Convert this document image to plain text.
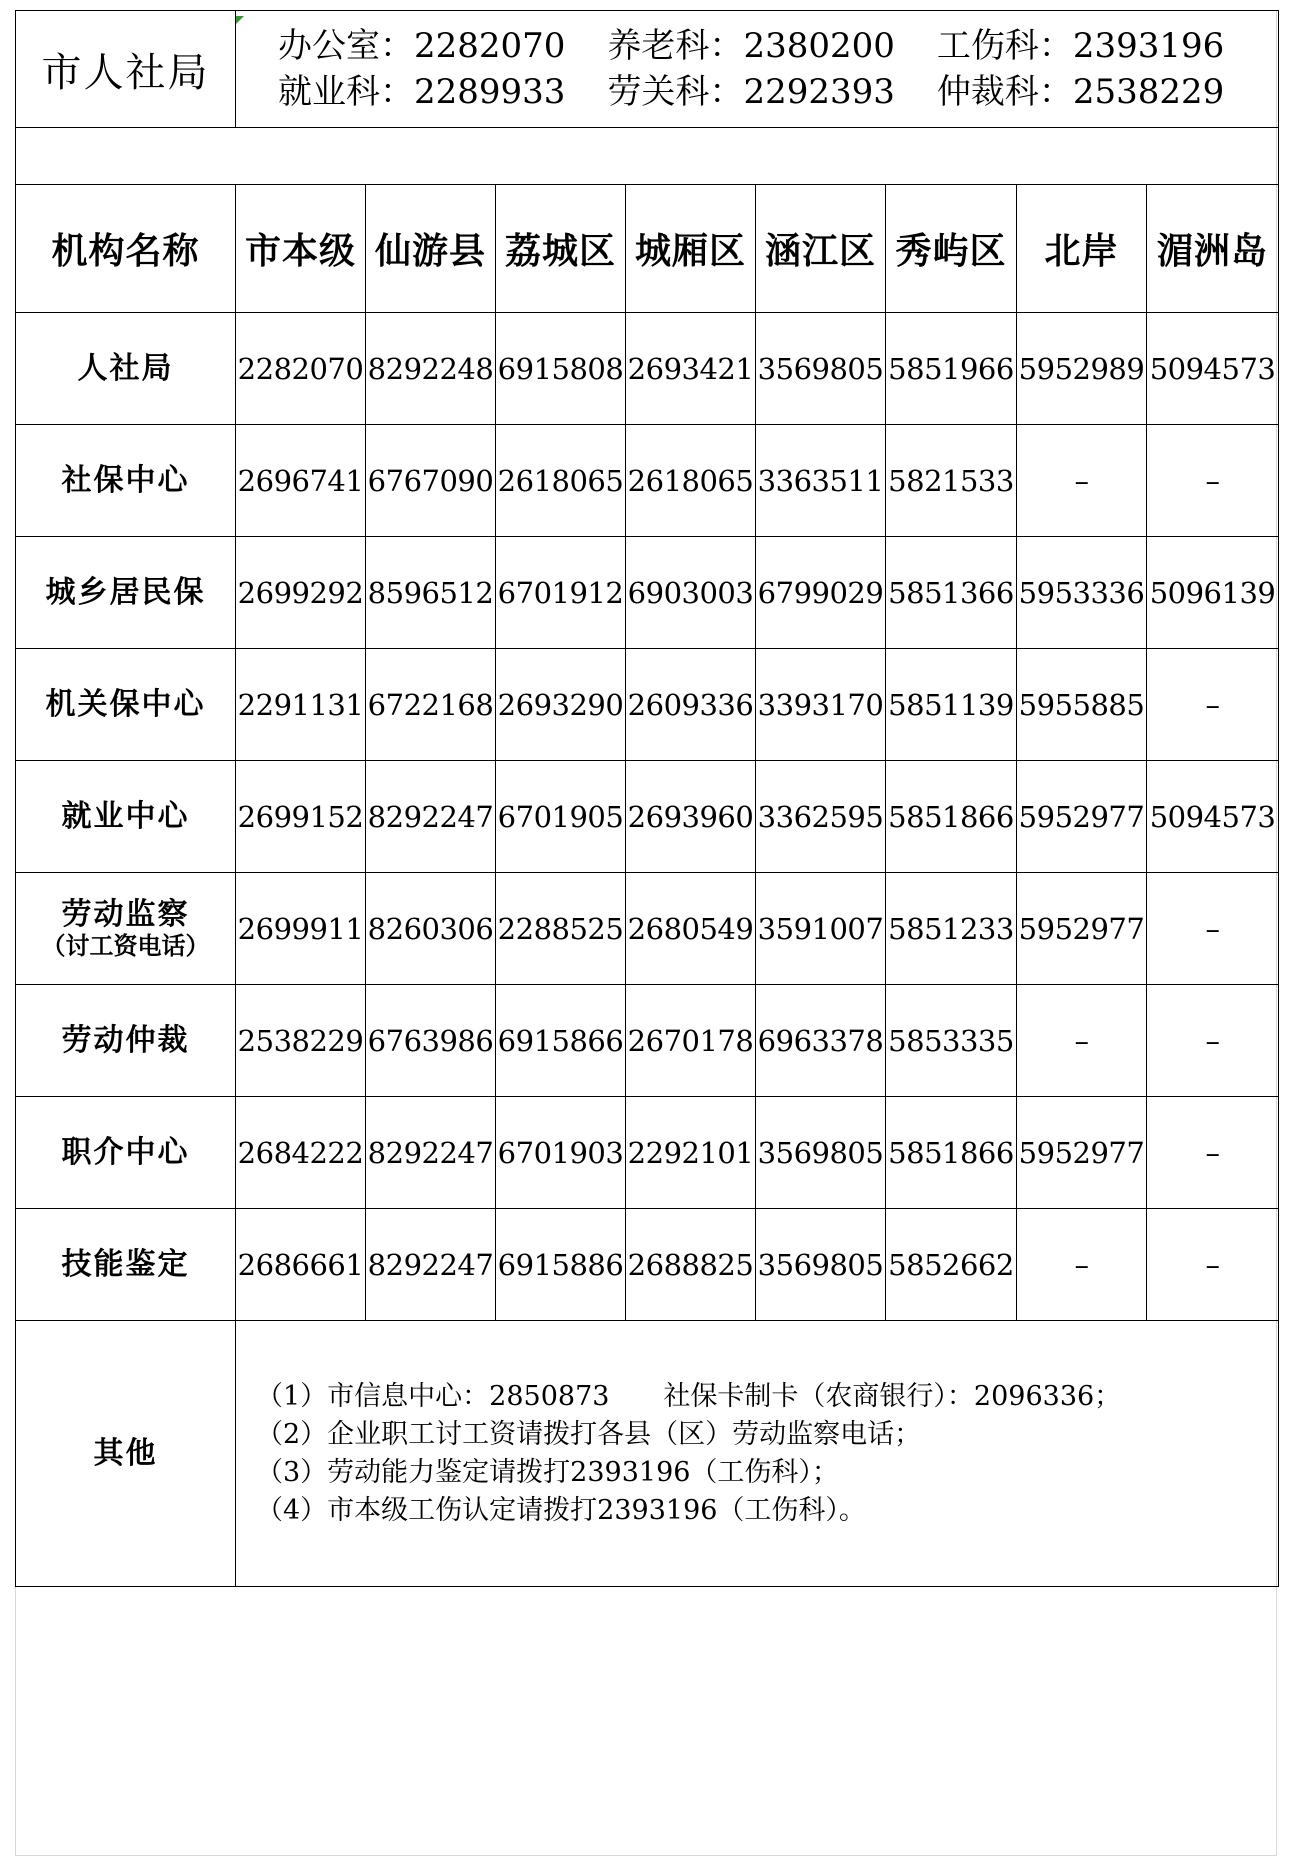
市人社局	办公室：2282070 养老科：2380200 工伤科：2393196
就业科：2289933 劳关科：2292393 仲裁科：2538229							

机构名称	市本级	仙游县	荔城区	城厢区	涵江区	秀屿区	北岸	湄洲岛

人社局	2282070	8292248	6915808	2693421	3569805	5851966	5952989	5094573

社保中心	2696741	6767090	2618065	2618065	3363511	5821533	–	–

城乡居民保	2699292	8596512	6701912	6903003	6799029	5851366	5953336	5096139

机关保中心	2291131	6722168	2693290	2609336	3393170	5851139	5955885	–

就业中心	2699152	8292247	6701905	2693960	3362595	5851866	5952977	5094573

劳动监察
（讨工资电话）	2699911	8260306	2288525	2680549	3591007	5851233	5952977	–

劳动仲裁	2538229	6763986	6915866	2670178	6963378	5853335	–	–

职介中心	2684222	8292247	6701903	2292101	3569805	5851866	5952977	–

技能鉴定	2686661	8292247	6915886	2688825	3569805	5852662	–	–
其他	（1）市信息中心：2850873　　社保卡制卡（农商银行）：2096336；
（2）企业职工讨工资请拨打各县（区）劳动监察电话；
（3）劳动能力鉴定请拨打2393196（工伤科）；
（4）市本级工伤认定请拨打2393196（工伤科）。							
